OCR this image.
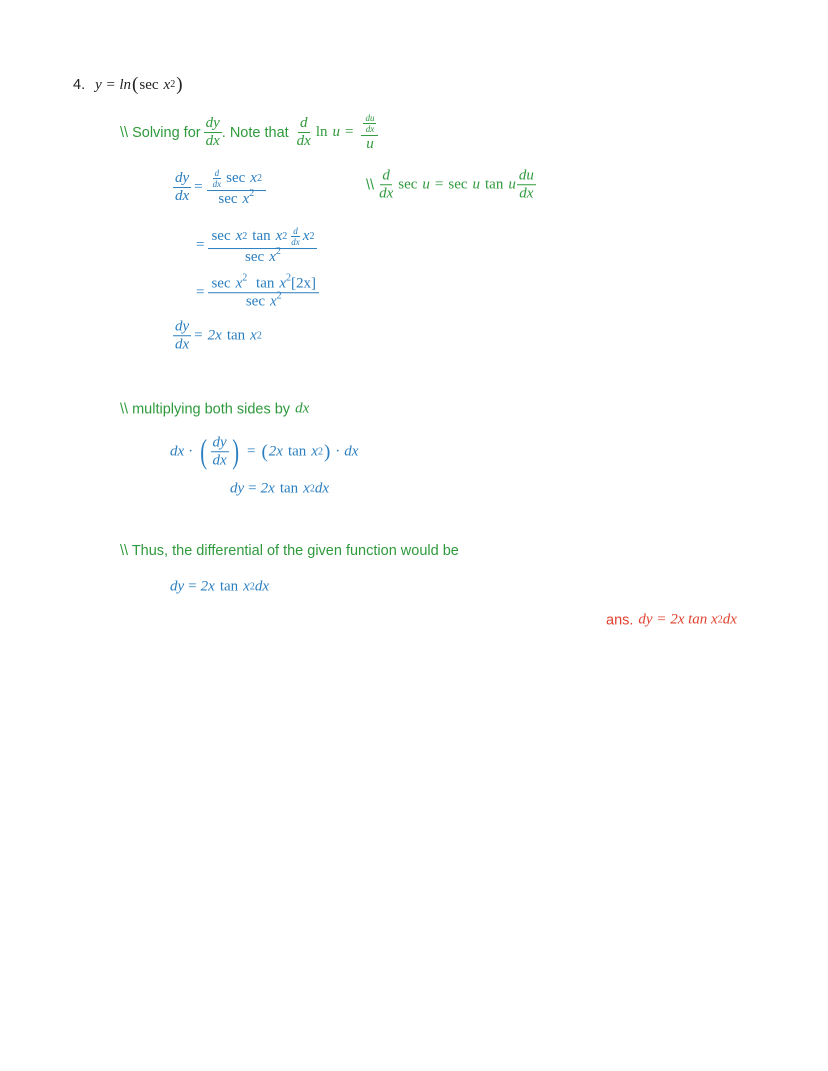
4. y = ln ( sec x 2 )
\\ Solving for $\frac{dy}{dx}$ . Note that $\frac{d}{dx}$ $\ln u = \frac{\frac{du}{dx}}{u}$
$\frac{dy}{dx} = \frac{\frac{d}{dx} \sec x 2}{\sec x^2}$	\\ $\frac{d}{dx}$ sec u = sec u tan u $\frac{du}{dx}$
= $\frac{\sec x 2 \tan x 2 \frac{d}{dx} x 2}{\sec x^2}$
= $\frac{\sec x^2 \tan x^2[2x]}{\sec x^2}$
$\frac{dy}{dx} = 2x$ tan x 2
\\ multiplying both sides by dx
dx · ( $\frac{dy}{dx}$ ) = ( 2x tan x 2 ) · dx
dy = 2x tan x 2 dx
\\ Thus, the differential of the given function would be
dy = 2x tan x 2 dx
ans. dy = 2x tan x 2 dx
